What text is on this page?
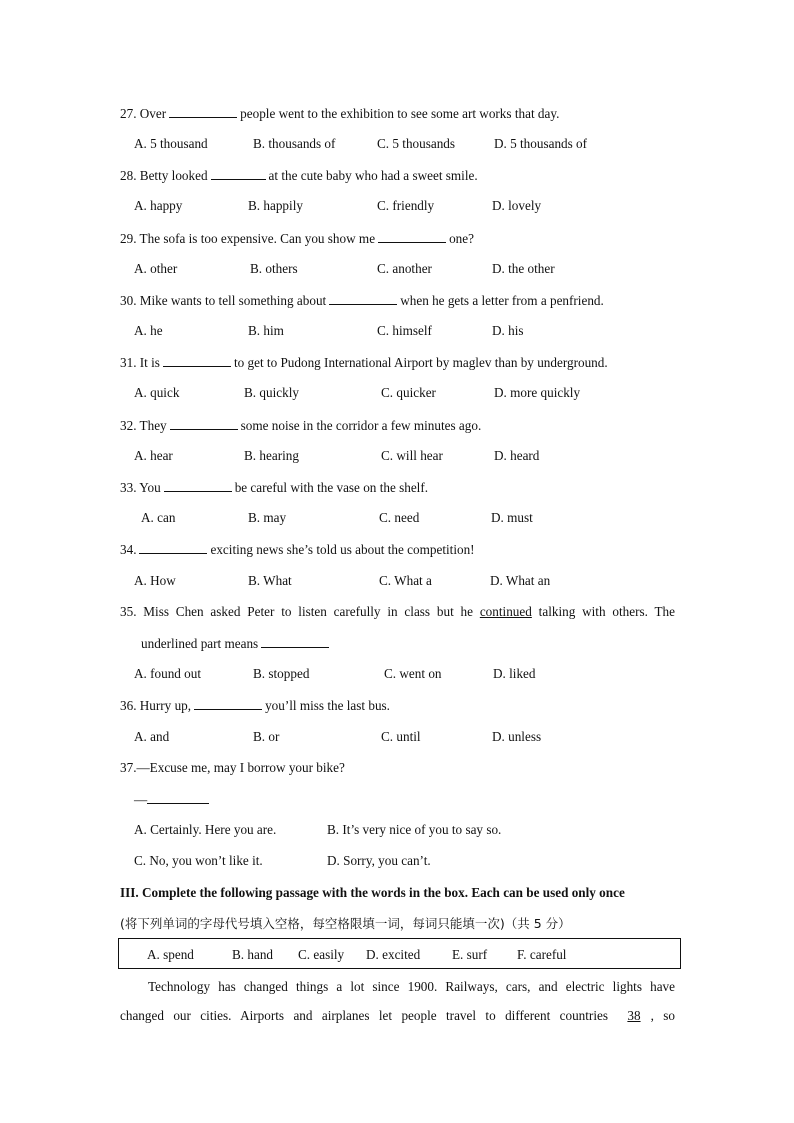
27. Over	people went to the exhibition to see some art works that day.
A. 5 thousand	B. thousands of	C. 5 thousands	D. 5 thousands of
28. Betty looked	at the cute baby who had a sweet smile.
A. happy	B. happily	C. friendly	D. lovely
29. The sofa is too expensive. Can you show me	one?
A. other	B. others	C. another	D. the other
30. Mike wants to tell something about	when he gets a letter from a penfriend.
A. he	B. him	C. himself	D. his
31. It is	to get to Pudong International Airport by maglev than by underground.
A. quick	B. quickly	C. quicker	D. more quickly
32. They	some noise in the corridor a few minutes ago.
A. hear	B. hearing	C. will hear	D. heard
33. You	be careful with the vase on the shelf.
A. can	B. may	C. need	D. must
34.	exciting news she’s told us about the competition!
A. How	B. What	C. What a	D. What an
35. Miss Chen asked Peter to listen carefully in class but he continued talking with others. The
underlined part means
A. found out	B. stopped	C. went on	D. liked
36. Hurry up,	you’ll miss the last bus.
A. and	B. or	C. until	D. unless
37.—Excuse me, may I borrow your bike?
—
A. Certainly. Here you are.	B. It’s very nice of you to say so.
C. No, you won’t like it.	D. Sorry, you can’t.
III. Complete the following passage with the words in the box. Each can be used only once
(将下列单词的字母代号填入空格，每空格限填一词，每词只能填一次)（共 5 分）
A. spend	B. hand C. easily D. excited E. surf F. careful
Technology has changed things a lot since 1900. Railways, cars, and electric lights have
changed our cities. Airports and airplanes let people travel to different countries 38 , so
